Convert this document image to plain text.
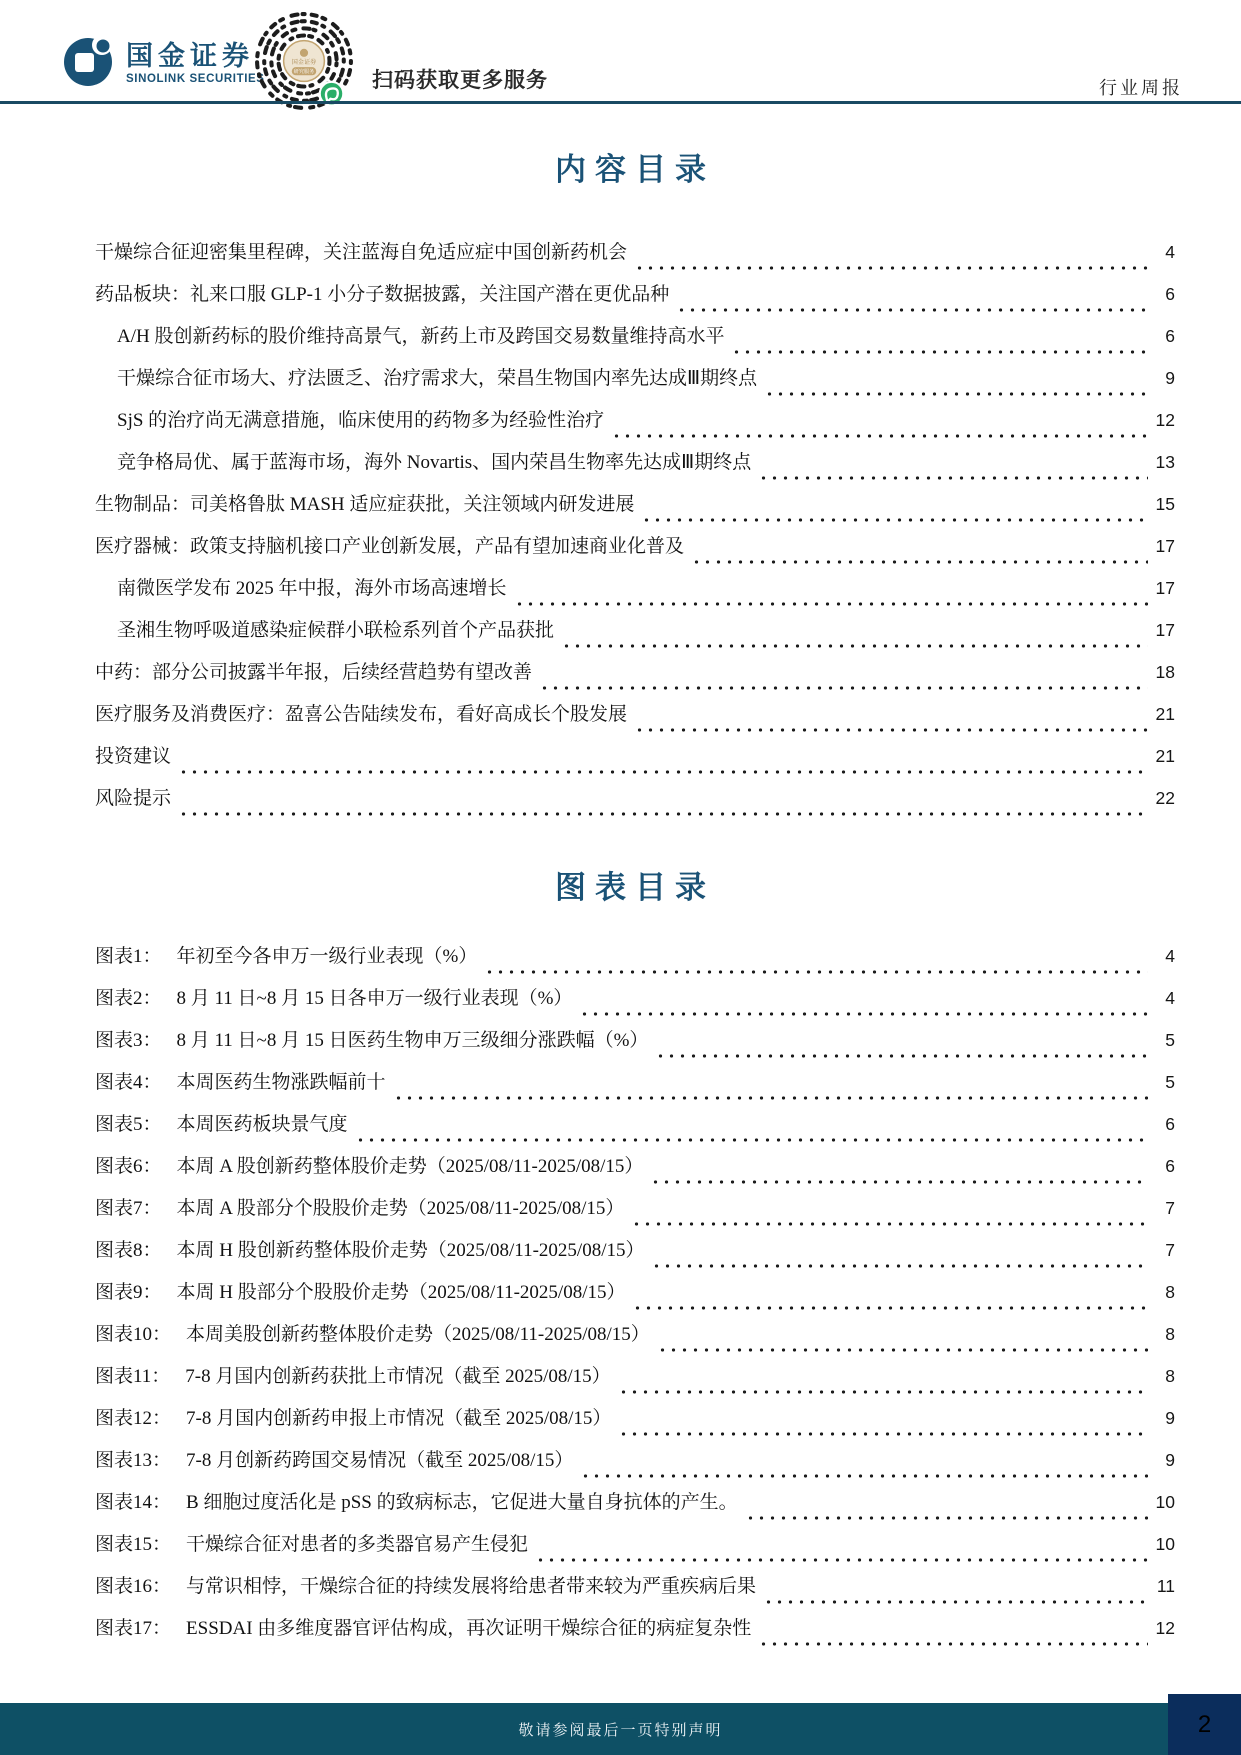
国金证券
SINOLINK SECURITIES
国金证券
研究服务	扫码获取更多服务	行业周报
内容目录
干燥综合征迎密集里程碑，关注蓝海自免适应症中国创新药机会	4
药品板块：礼来口服 GLP-1 小分子数据披露，关注国产潜在更优品种	6
A/H 股创新药标的股价维持高景气，新药上市及跨国交易数量维持高水平	6
干燥综合征市场大、疗法匮乏、治疗需求大，荣昌生物国内率先达成Ⅲ期终点	9
SjS 的治疗尚无满意措施，临床使用的药物多为经验性治疗	12
竞争格局优、属于蓝海市场，海外 Novartis、国内荣昌生物率先达成Ⅲ期终点	13
生物制品：司美格鲁肽 MASH 适应症获批，关注领域内研发进展	15
医疗器械：政策支持脑机接口产业创新发展，产品有望加速商业化普及	17
南微医学发布 2025 年中报，海外市场高速增长	17
圣湘生物呼吸道感染症候群小联检系列首个产品获批	17
中药：部分公司披露半年报，后续经营趋势有望改善	18
医疗服务及消费医疗：盈喜公告陆续发布，看好高成长个股发展	21
投资建议	21
风险提示	22
图表目录
图表1： 年初至今各申万一级行业表现（%）	4
图表2： 8 月 11 日~8 月 15 日各申万一级行业表现（%）	4
图表3： 8 月 11 日~8 月 15 日医药生物申万三级细分涨跌幅（%）	5
图表4： 本周医药生物涨跌幅前十	5
图表5： 本周医药板块景气度	6
图表6： 本周 A 股创新药整体股价走势（2025/08/11-2025/08/15）	6
图表7： 本周 A 股部分个股股价走势（2025/08/11-2025/08/15）	7
图表8： 本周 H 股创新药整体股价走势（2025/08/11-2025/08/15）	7
图表9： 本周 H 股部分个股股价走势（2025/08/11-2025/08/15）	8
图表10： 本周美股创新药整体股价走势（2025/08/11-2025/08/15）	8
图表11： 7-8 月国内创新药获批上市情况（截至 2025/08/15）	8
图表12： 7-8 月国内创新药申报上市情况（截至 2025/08/15）	9
图表13： 7-8 月创新药跨国交易情况（截至 2025/08/15）	9
图表14： B 细胞过度活化是 pSS 的致病标志，它促进大量自身抗体的产生。	10
图表15： 干燥综合征对患者的多类器官易产生侵犯	10
图表16： 与常识相悖，干燥综合征的持续发展将给患者带来较为严重疾病后果	11
图表17： ESSDAI 由多维度器官评估构成，再次证明干燥综合征的病症复杂性	12
敬请参阅最后一页特别声明	2
